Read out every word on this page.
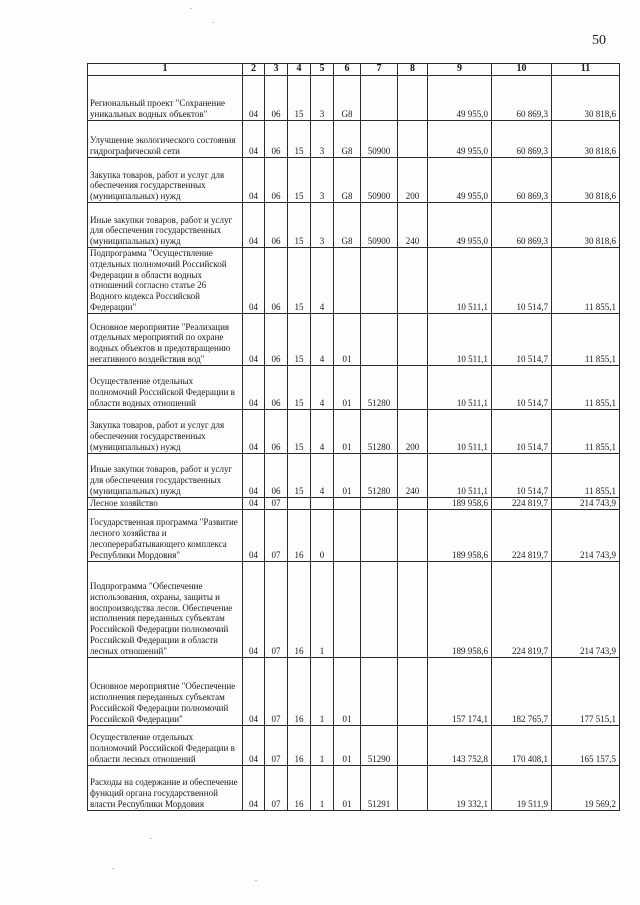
50
1	2	3	4	5	6	7	8	9	10	11
Региональный проект "Сохранение уникальных водных объектов"	04	06	15	3	G8			49 955,0	60 869,3	30 818,6
Улучшение экологического состояния гидрографической сети	04	06	15	3	G8	50900		49 955,0	60 869,3	30 818,6
Закупка товаров, работ и услуг для обеспечения государственных (муниципальных) нужд	04	06	15	3	G8	50900	200	49 955,0	60 869,3	30 818,6
Иные закупки товаров, работ и услуг для обеспечения государственных (муниципальных) нужд	04	06	15	3	G8	50900	240	49 955,0	60 869,3	30 818,6
Подпрограмма "Осуществление отдельных полномочий Российской Федерации в области водных отношений согласно статье 26 Водного кодекса Российской Федерации"	04	06	15	4				10 511,1	10 514,7	11 855,1
Основное мероприятие "Реализация отдельных мероприятий по охране водных объектов и предотвращению негативного воздействия вод"	04	06	15	4	01			10 511,1	10 514,7	11 855,1
Осуществление отдельных полномочий Российской Федерации в области водных отношений	04	06	15	4	01	51280		10 511,1	10 514,7	11 855,1
Закупка товаров, работ и услуг для обеспечения государственных (муниципальных) нужд	04	06	15	4	01	51280	200	10 511,1	10 514,7	11 855,1
Иные закупки товаров, работ и услуг для обеспечения государственных (муниципальных) нужд	04	06	15	4	01	51280	240	10 511,1	10 514,7	11 855,1
Лесное хозяйство	04	07						189 958,6	224 819,7	214 743,9
Государственная программа "Развитие лесного хозяйства и лесоперерабатывающего комплекса Республики Мордовия"	04	07	16	0				189 958,6	224 819,7	214 743,9
Подпрограмма "Обеспечение использования, охраны, защиты и воспроизводства лесов. Обеспечение исполнения переданных субъектам Российской Федерации полномочий Российской Федерации в области лесных отношений"	04	07	16	1				189 958,6	224 819,7	214 743,9
Основное мероприятие "Обеспечение исполнения переданных субъектам Российской Федерации полномочий Российской Федерации"	04	07	16	1	01			157 174,1	182 765,7	177 515,1
Осуществление отдельных полномочий Российской Федерации в области лесных отношений	04	07	16	1	01	51290		143 752,8	170 408,1	165 157,5
Расходы на содержание и обеспечение функций органа государственной власти Республики Мордовия	04	07	16	1	01	51291		19 332,1	19 511,9	19 569,2
